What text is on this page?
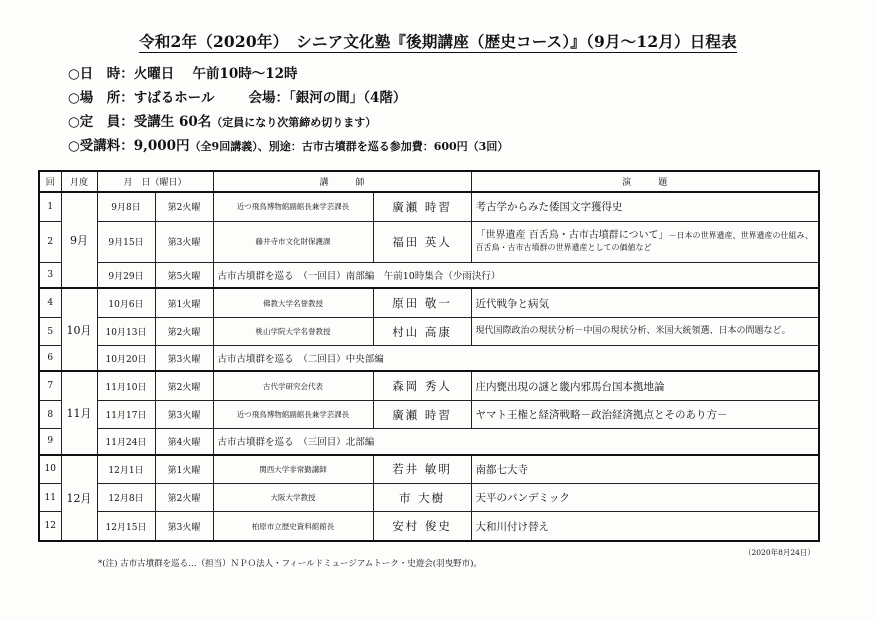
令和2年（2020年）　シニア文化塾『後期講座（歴史コース）』（9月～12月）日程表
○日　時：火曜日　 午前10時～12時
○場　所：すばるホール	会場：「銀河の間」（4階）
○定　員：受講生 60名（定員になり次第締め切ります）
○受講料：9,000円（全9回講義）、別途：古市古墳群を巡る参加費：600円（3回）
回	月度	月　日（曜日）		講　　　師		演　　　題
1	9月	9月8日	第2火曜	近つ飛鳥博物館副館長兼学芸課長	廣瀬 時習	考古学からみた倭国文字獲得史
2		9月15日	第3火曜	藤井寺市文化財保護課	福田 英人	「世界遺産 百舌鳥・古市古墳群について」－日本の世界遺産、世界遺産の仕組み、百舌鳥・古市古墳群の世界遺産としての価値など
3		9月29日	第5火曜	古市古墳群を巡る　（一回目）南部編　午前10時集合（少雨決行）		
4	10月	10月6日	第1火曜	佛教大学名誉教授	原田 敬一	近代戦争と病気
5		10月13日	第2火曜	桃山学院大学名誉教授	村山 高康	現代国際政治の現状分析－中国の現状分析、米国大統領選、日本の問題など。
6		10月20日	第3火曜	古市古墳群を巡る　（二回目）中央部編		
7	11月	11月10日	第2火曜	古代学研究会代表	森岡 秀人	庄内甕出現の謎と畿内邪馬台国本拠地論
8		11月17日	第3火曜	近つ飛鳥博物館副館長兼学芸課長	廣瀬 時習	ヤマト王権と経済戦略－政治経済拠点とそのあり方－
9		11月24日	第4火曜	古市古墳群を巡る　（三回目）北部編		
10	12月	12月1日	第1火曜	関西大学非常勤講師	若井 敏明	南都七大寺
11		12月8日	第2火曜	大阪大学教授	市 大樹	天平のパンデミック
12		12月15日	第3火曜	柏原市立歴史資料館館長	安村 俊史	大和川付け替え
（2020年8月24日）
*(注) 古市古墳群を巡る…（担当）ＮＰＯ法人・フィールドミュージアムトーク・史遊会(羽曳野市)。
